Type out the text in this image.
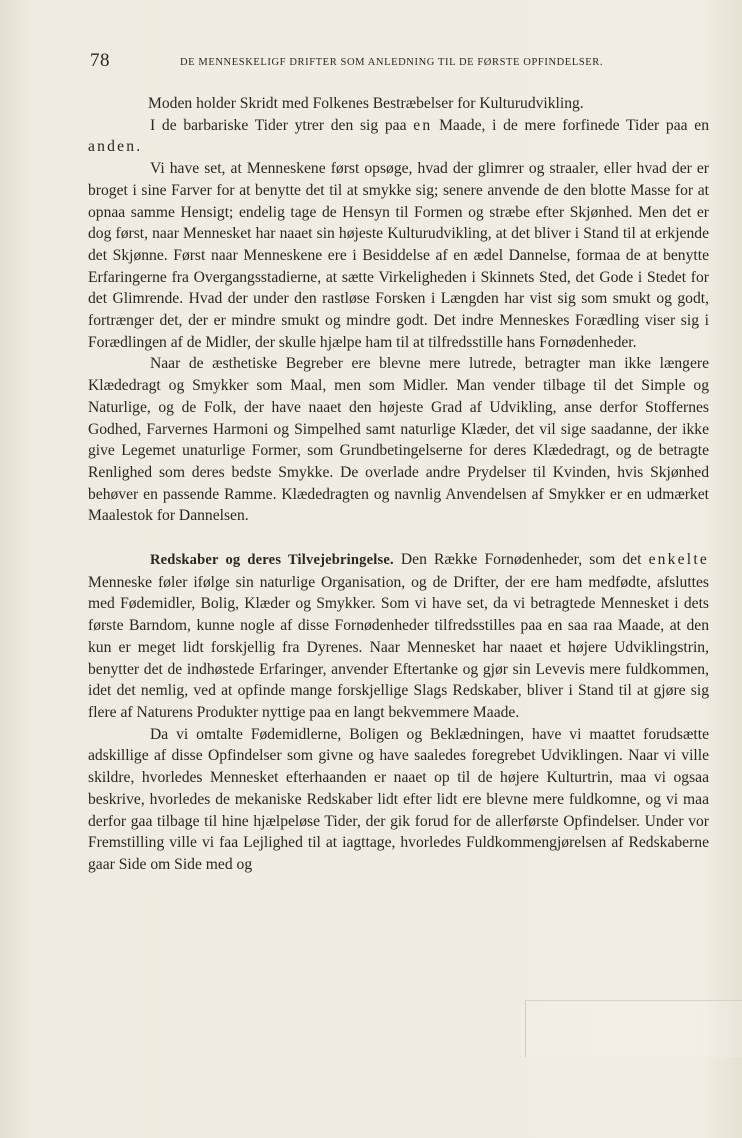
78	DE MENNESKELIGF DRIFTER SOM ANLEDNING TIL DE FØRSTE OPFINDELSER.

Moden holder Skridt med Folkenes Bestræbelser for Kulturudvikling.

I de barbariske Tider ytrer den sig paa en Maade, i de mere forfinede Tider paa en anden.

Vi have set, at Menneskene først opsøge, hvad der glimrer og straaler, eller hvad der er broget i sine Farver for at benytte det til at smykke sig; senere anvende de den blotte Masse for at opnaa samme Hensigt; endelig tage de Hensyn til Formen og stræbe efter Skjønhed. Men det er dog først, naar Mennesket har naaet sin højeste Kulturudvikling, at det bliver i Stand til at erkjende det Skjønne. Først naar Menneskene ere i Besiddelse af en ædel Dannelse, formaa de at benytte Erfaringerne fra Overgangsstadierne, at sætte Virkeligheden i Skinnets Sted, det Gode i Stedet for det Glimrende. Hvad der under den rastløse Forsken i Længden har vist sig som smukt og godt, fortrænger det, der er mindre smukt og mindre godt. Det indre Menneskes Forædling viser sig i Forædlingen af de Midler, der skulle hjælpe ham til at tilfredsstille hans Fornødenheder.

Naar de æsthetiske Begreber ere blevne mere lutrede, betragter man ikke længere Klædedragt og Smykker som Maal, men som Midler. Man vender tilbage til det Simple og Naturlige, og de Folk, der have naaet den højeste Grad af Udvikling, anse derfor Stoffernes Godhed, Farvernes Harmoni og Simpelhed samt naturlige Klæder, det vil sige saadanne, der ikke give Legemet unaturlige Former, som Grundbetingelserne for deres Klædedragt, og de betragte Renlighed som deres bedste Smykke. De overlade andre Prydelser til Kvinden, hvis Skjønhed behøver en passende Ramme. Klædedragten og navnlig Anvendelsen af Smykker er en udmærket Maalestok for Dannelsen.

Redskaber og deres Tilvejebringelse. Den Række Fornødenheder, som det enkelte Menneske føler ifølge sin naturlige Organisation, og de Drifter, der ere ham medfødte, afsluttes med Fødemidler, Bolig, Klæder og Smykker. Som vi have set, da vi betragtede Mennesket i dets første Barndom, kunne nogle af disse Fornødenheder tilfredsstilles paa en saa raa Maade, at den kun er meget lidt forskjellig fra Dyrenes. Naar Mennesket har naaet et højere Udviklingstrin, benytter det de indhøstede Erfaringer, anvender Eftertanke og gjør sin Levevis mere fuldkommen, idet det nemlig, ved at opfinde mange forskjellige Slags Redskaber, bliver i Stand til at gjøre sig flere af Naturens Produkter nyttige paa en langt bekvemmere Maade.

Da vi omtalte Fødemidlerne, Boligen og Beklædningen, have vi maattet forudsætte adskillige af disse Opfindelser som givne og have saaledes foregrebet Udviklingen. Naar vi ville skildre, hvorledes Mennesket efterhaanden er naaet op til de højere Kulturtrin, maa vi ogsaa beskrive, hvorledes de mekaniske Redskaber lidt efter lidt ere blevne mere fuldkomne, og vi maa derfor gaa tilbage til hine hjælpeløse Tider, der gik forud for de allerførste Opfindelser. Under vor Fremstilling ville vi faa Lejlighed til at iagttage, hvorledes Fuldkommengjørelsen af Redskaberne gaar Side om Side med og
